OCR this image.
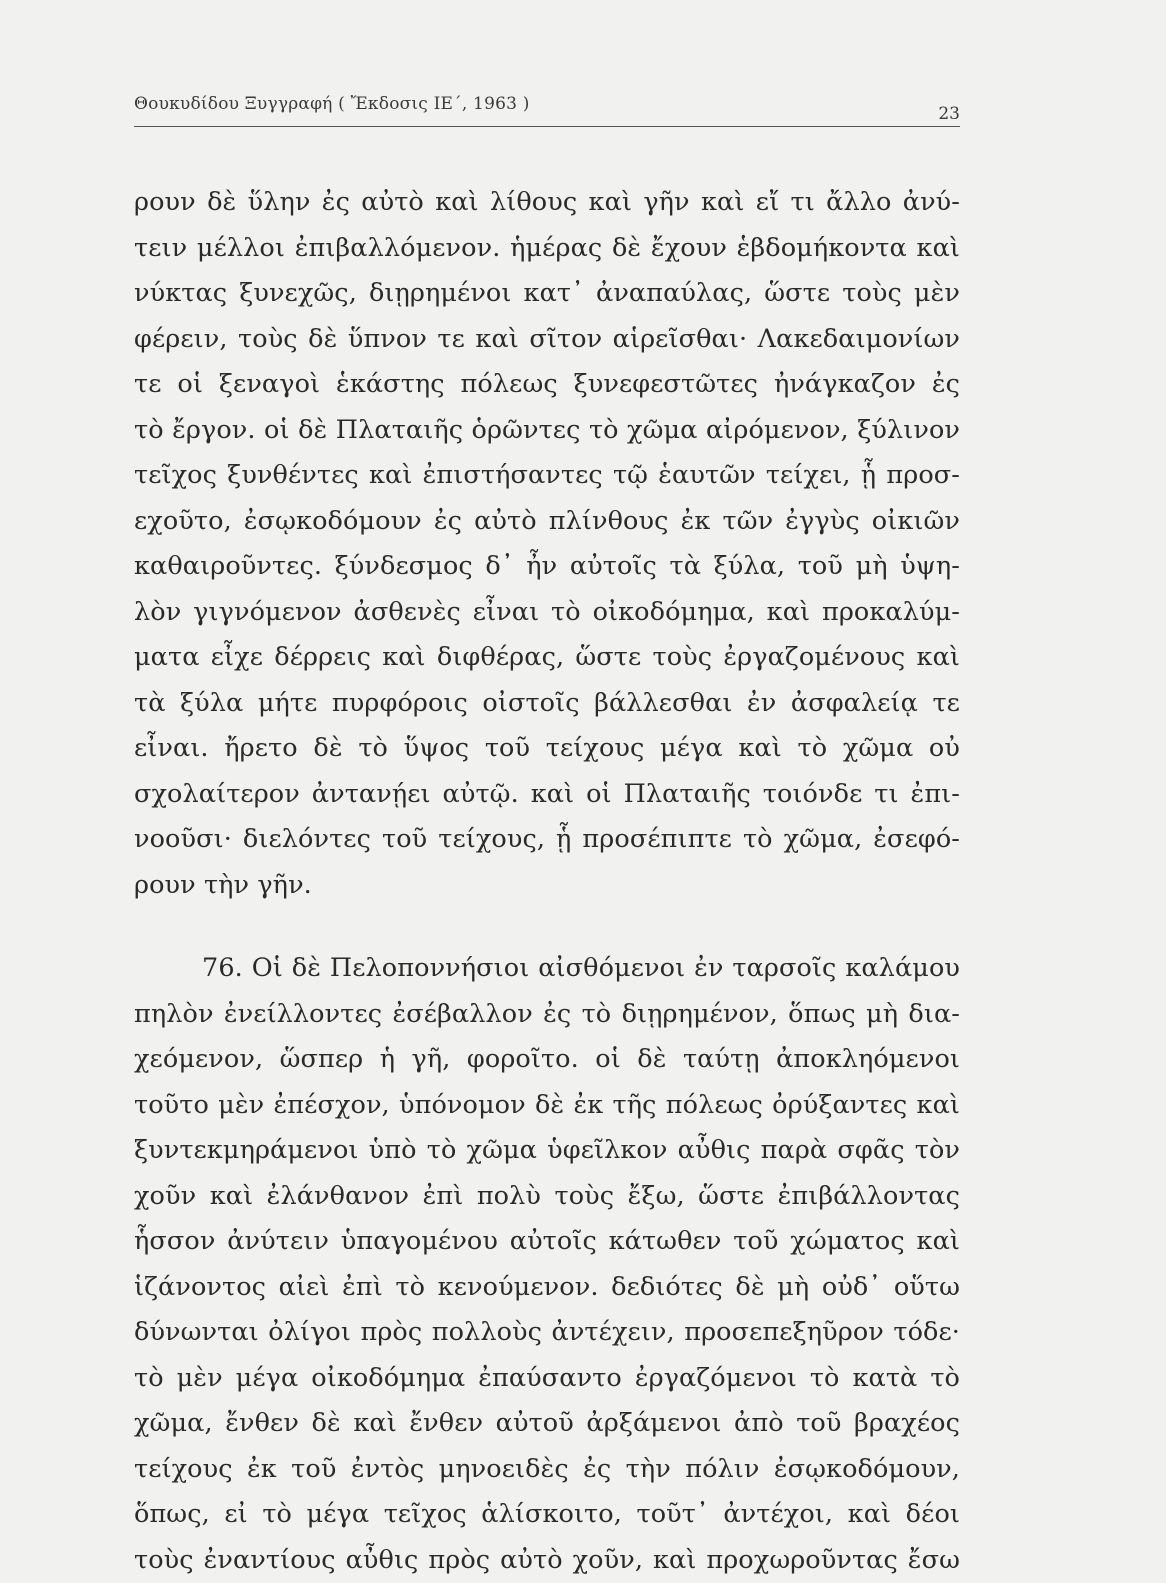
Θουκυδίδου Ξυγγραφή ( Ἔκδοσις ΙΕ΄, 1963 )	23
ρουν δὲ ὕλην ἐς αὐτὸ καὶ λίθους καὶ γῆν καὶ εἴ τι ἄλλο ἀνύ-
τειν μέλλοι ἐπιβαλλόμενον. ἡμέρας δὲ ἔχουν ἑβδομήκοντα καὶ
νύκτας ξυνεχῶς, διῃρημένοι κατ᾽ ἀναπαύλας, ὥστε τοὺς μὲν
φέρειν, τοὺς δὲ ὕπνον τε καὶ σῖτον αἱρεῖσθαι· Λακεδαιμονίων
τε οἱ ξεναγοὶ ἑκάστης πόλεως ξυνεφεστῶτες ἠνάγκαζον ἐς
τὸ ἔργον. οἱ δὲ Πλαταιῆς ὁρῶντες τὸ χῶμα αἰρόμενον, ξύλινον
τεῖχος ξυνθέντες καὶ ἐπιστήσαντες τῷ ἑαυτῶν τείχει, ᾗ προσ-
εχοῦτο, ἐσῳκοδόμουν ἐς αὐτὸ πλίνθους ἐκ τῶν ἐγγὺς οἰκιῶν
καθαιροῦντες. ξύνδεσμος δ᾽ ἦν αὐτοῖς τὰ ξύλα, τοῦ μὴ ὑψη-
λὸν γιγνόμενον ἀσθενὲς εἶναι τὸ οἰκοδόμημα, καὶ προκαλύμ-
ματα εἶχε δέρρεις καὶ διφθέρας, ὥστε τοὺς ἐργαζομένους καὶ
τὰ ξύλα μήτε πυρφόροις οἰστοῖς βάλλεσθαι ἐν ἀσφαλείᾳ τε
εἶναι. ἤρετο δὲ τὸ ὕψος τοῦ τείχους μέγα καὶ τὸ χῶμα οὐ
σχολαίτερον ἀντανῄει αὐτῷ. καὶ οἱ Πλαταιῆς τοιόνδε τι ἐπι-
νοοῦσι· διελόντες τοῦ τείχους, ᾗ προσέπιπτε τὸ χῶμα, ἐσεφό-
ρουν τὴν γῆν.
76. Οἱ δὲ Πελοποννήσιοι αἰσθόμενοι ἐν ταρσοῖς καλάμου
πηλὸν ἐνείλλοντες ἐσέβαλλον ἐς τὸ διῃρημένον, ὅπως μὴ δια-
χεόμενον, ὥσπερ ἡ γῆ, φοροῖτο. οἱ δὲ ταύτῃ ἀποκληόμενοι
τοῦτο μὲν ἐπέσχον, ὑπόνομον δὲ ἐκ τῆς πόλεως ὀρύξαντες καὶ
ξυντεκμηράμενοι ὑπὸ τὸ χῶμα ὑφεῖλκον αὖθις παρὰ σφᾶς τὸν
χοῦν καὶ ἐλάνθανον ἐπὶ πολὺ τοὺς ἔξω, ὥστε ἐπιβάλλοντας
ἧσσον ἀνύτειν ὑπαγομένου αὐτοῖς κάτωθεν τοῦ χώματος καὶ
ἱζάνοντος αἰεὶ ἐπὶ τὸ κενούμενον. δεδιότες δὲ μὴ οὐδ᾽ οὕτω
δύνωνται ὀλίγοι πρὸς πολλοὺς ἀντέχειν, προσεπεξηῦρον τόδε·
τὸ μὲν μέγα οἰκοδόμημα ἐπαύσαντο ἐργαζόμενοι τὸ κατὰ τὸ
χῶμα, ἔνθεν δὲ καὶ ἔνθεν αὐτοῦ ἀρξάμενοι ἀπὸ τοῦ βραχέος
τείχους ἐκ τοῦ ἐντὸς μηνοειδὲς ἐς τὴν πόλιν ἐσῳκοδόμουν,
ὅπως, εἰ τὸ μέγα τεῖχος ἁλίσκοιτο, τοῦτ᾽ ἀντέχοι, καὶ δέοι
τοὺς ἐναντίους αὖθις πρὸς αὐτὸ χοῦν, καὶ προχωροῦντας ἔσω
